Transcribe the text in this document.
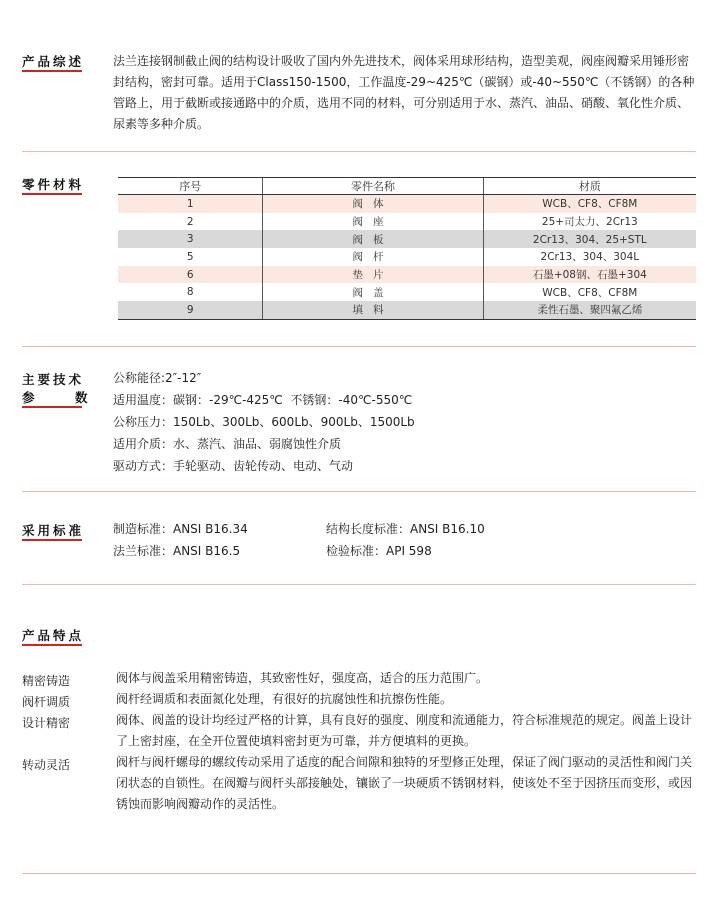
产品综述 法兰连接钢制截止阀的结构设计吸收了国内外先进技术，阀体采用球形结构，造型美观，阀座阀瓣采用锤形密封结构，密封可靠。适用于Class150-1500，工作温度-29~425℃（碳钢）或-40~550℃（不锈钢）的各种管路上，用于截断或接通路中的介质，选用不同的材料，可分别适用于水、蒸汽、油品、硝酸、氧化性介质、尿素等多种介质。
零件材料	序号	零件名称	材质
1	阀体	WCB、CF8、CF8M
2	阀座	25+司太力、2Cr13
3	阀板	2Cr13、304、25+STL
5	阀杆	2Cr13、304、304L
6	垫片	石墨+08钢、石墨+304
8	阀盖	WCB、CF8、CF8M
9	填料	柔性石墨、聚四氟乙烯
主要技术
参　数
公称能径:2″-12″
适用温度：碳钢：-29℃-425℃  不锈钢：-40℃-550℃
公称压力：150Lb、300Lb、600Lb、900Lb、1500Lb
适用介质：水、蒸汽、油品、弱腐蚀性介质
驱动方式：手轮驱动、齿轮传动、电动、气动
采用标准 制造标准：ANSI B16.34	结构长度标准：ANSI B16.10
法兰标准：ANSI B16.5	检验标准：API 598
产品特点
精密铸造	阀体与阀盖采用精密铸造，其致密性好，强度高，适合的压力范围广。
阀杆调质	阀杆经调质和表面氮化处理，有很好的抗腐蚀性和抗擦伤性能。
设计精密	阀体、阀盖的设计均经过严格的计算，具有良好的强度、刚度和流通能力，符合标准规范的规定。阀盖上设计了上密封座，在全开位置使填料密封更为可靠，并方便填料的更换。
转动灵活	阀杆与阀杆螺母的螺纹传动采用了适度的配合间隙和独特的牙型修正处理，保证了阀门驱动的灵活性和阀门关闭状态的自锁性。在阀瓣与阀杆头部接触处，镶嵌了一块硬质不锈钢材料，使该处不至于因挤压而变形，或因锈蚀而影响阀瓣动作的灵活性。
